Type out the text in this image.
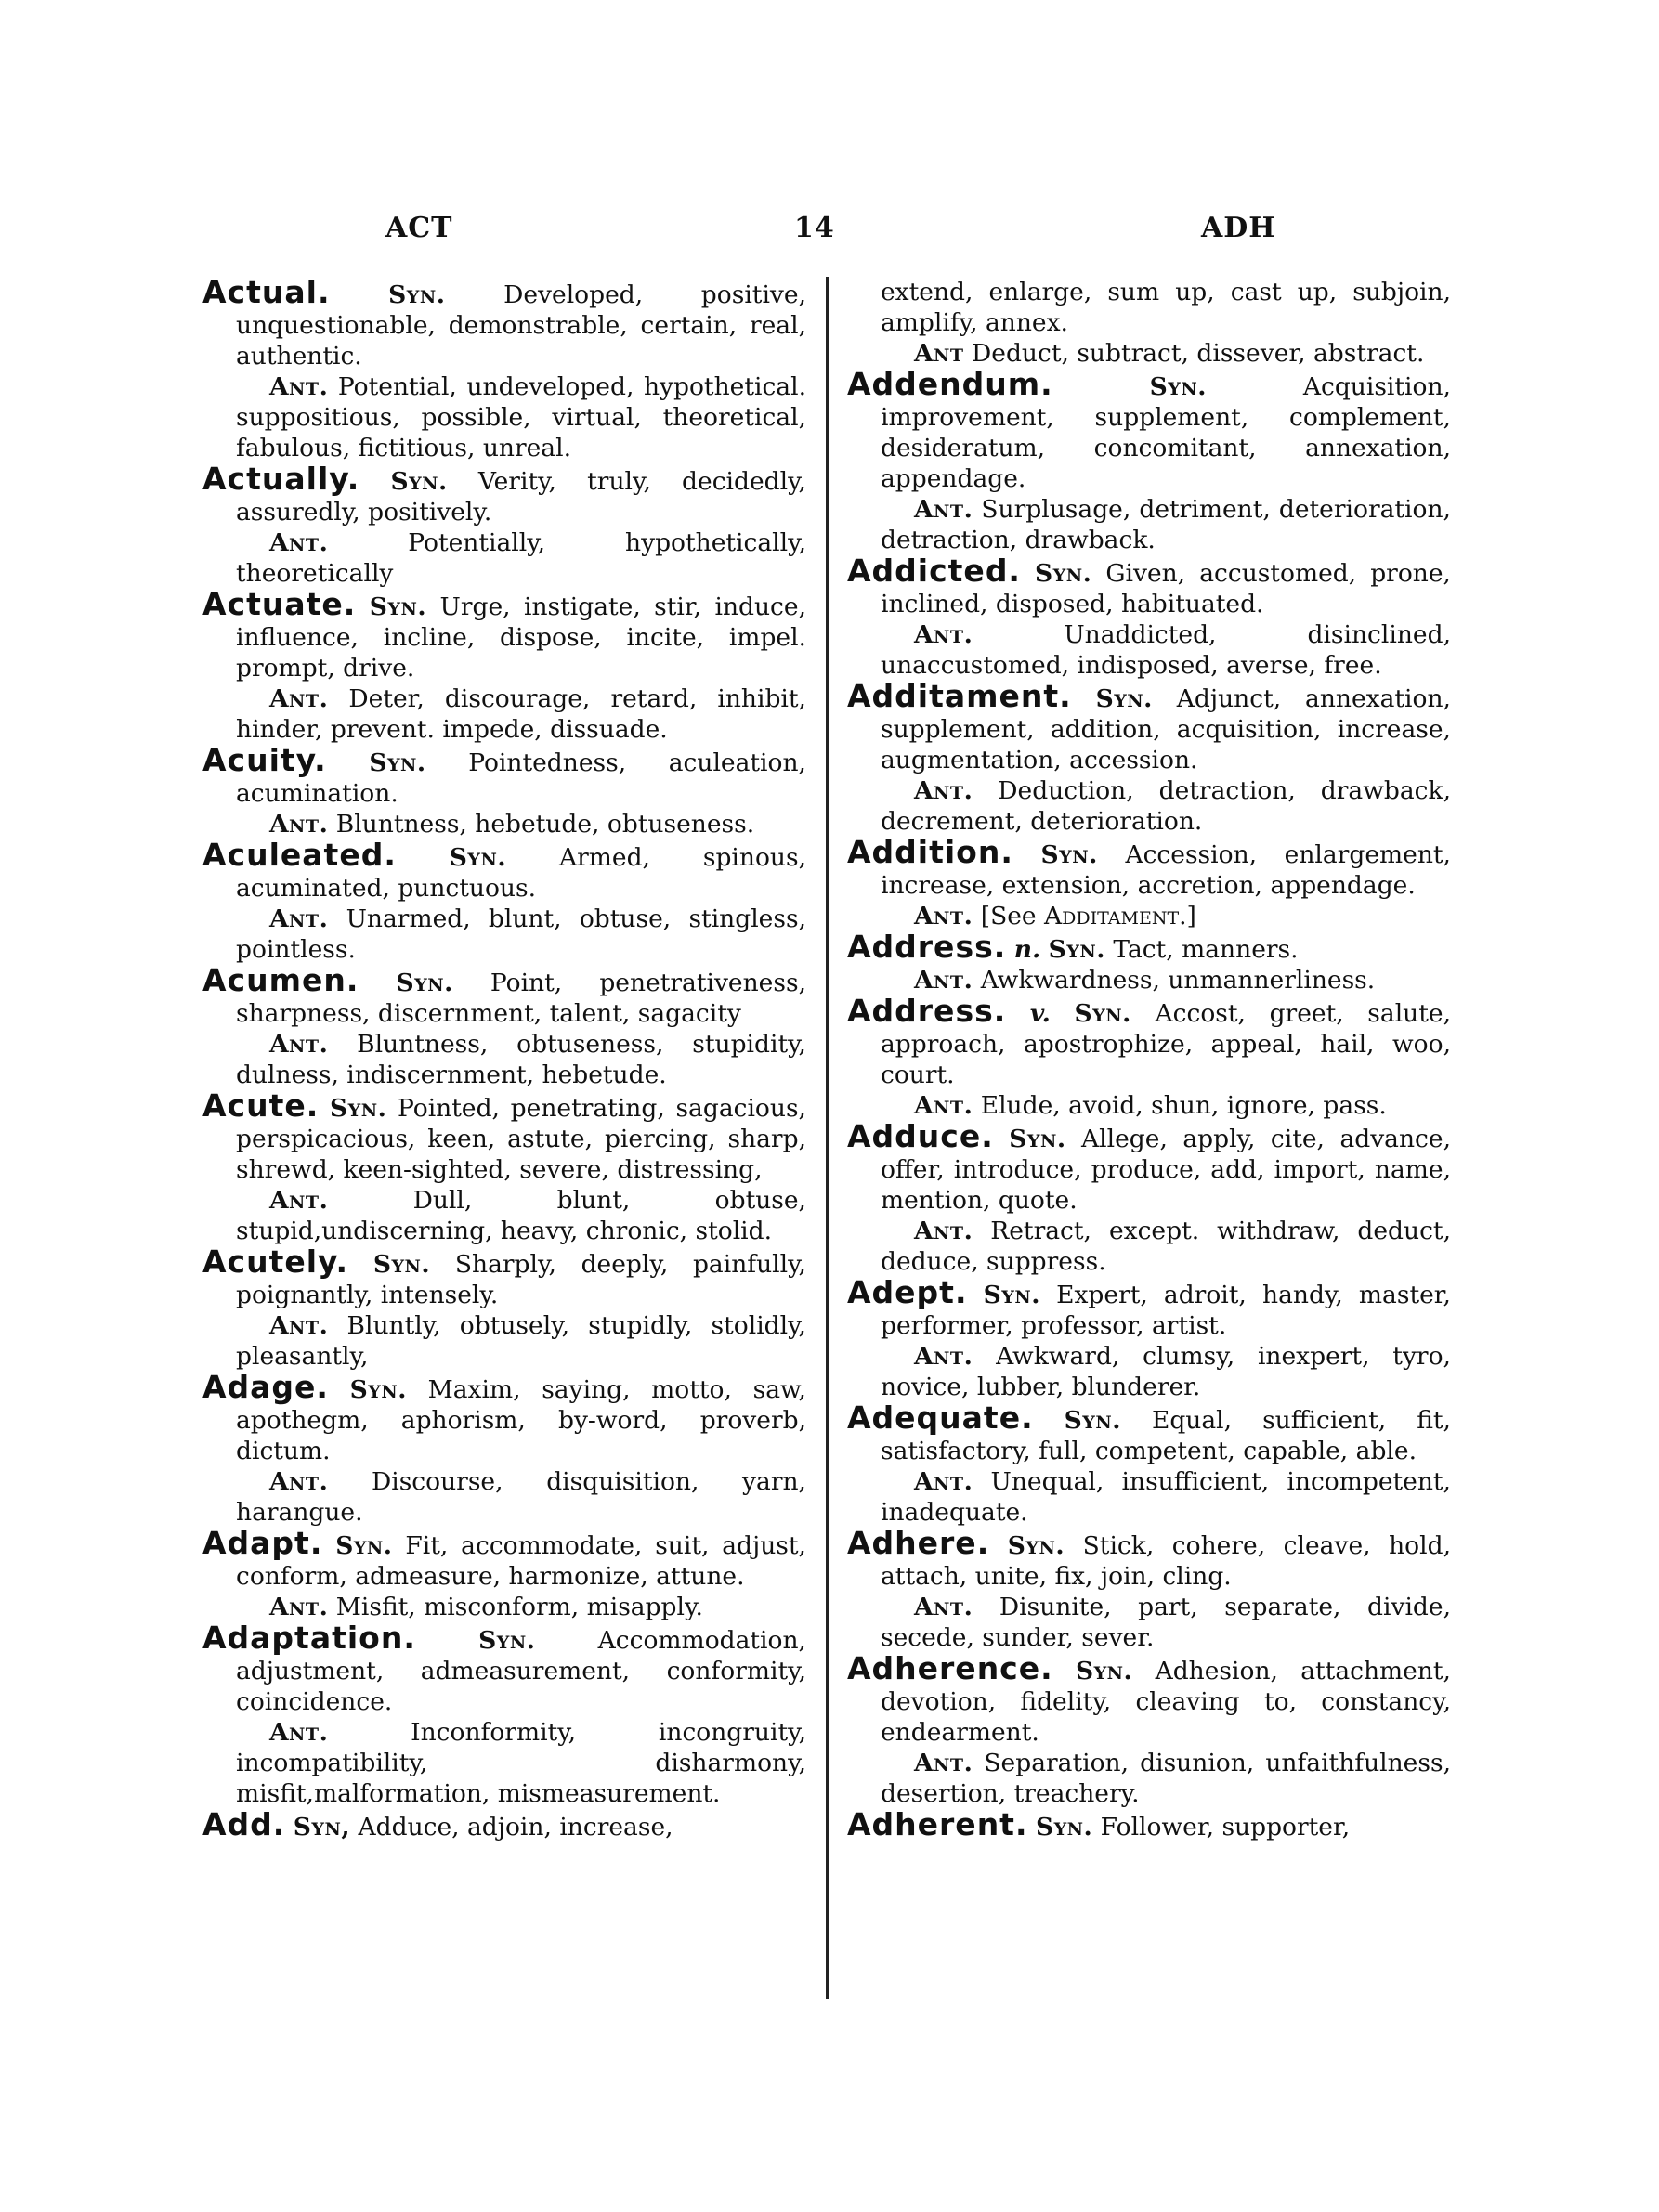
ACT	14	ADH

Actual. Syn. Developed, positive, unquestionable, demonstrable, certain, real, authentic.

Ant. Potential, undeveloped, hypothetical. suppositious, possible, virtual, theoretical, fabulous, fictitious, unreal.

Actually. Syn. Verity, truly, decidedly, assuredly, positively.

Ant.	Potentially, hypothetically, theoretically

Actuate. Syn. Urge, instigate, stir, induce, influence, incline, dispose, incite, impel. prompt, drive.

Ant. Deter, discourage, retard, inhibit, hinder, prevent. impede, dissuade.

Acuity. Syn. Pointedness, aculeation, acumination.

Ant. Bluntness, hebetude, obtuseness.

Aculeated. Syn. Armed, spinous, acuminated, punctuous.

Ant. Unarmed, blunt, obtuse, stingless, pointless.

Acumen. Syn. Point, penetrativeness, sharpness, discernment, talent, sagacity

Ant. Bluntness, obtuseness, stupidity, dulness, indiscernment, hebetude.

Acute. Syn. Pointed, penetrating, sagacious, perspicacious, keen, astute, piercing, sharp, shrewd, keen-sighted, severe, distressing,

Ant.	Dull, blunt, obtuse, stupid,undiscerning, heavy, chronic, stolid.

Acutely. Syn. Sharply, deeply, painfully, poignantly, intensely.

Ant. Bluntly, obtusely, stupidly, stolidly, pleasantly,

Adage. Syn. Maxim, saying, motto, saw, apothegm, aphorism, by-word, proverb, dictum.

Ant. Discourse, disquisition, yarn, harangue.

Adapt. Syn. Fit, accommodate, suit, adjust, conform, admeasure, harmonize, attune.

Ant. Misfit, misconform, misapply.

Adaptation.	Syn.	Accommodation, adjustment, admeasurement, conformity, coincidence.

Ant.	Inconformity, incongruity, incompatibility, disharmony, misfit,malformation, mismeasurement.

Add. Syn, Adduce, adjoin, increase,

extend, enlarge, sum up, cast up, subjoin, amplify, annex.

Ant Deduct, subtract, dissever, abstract.

Addendum.	Syn.	Acquisition, improvement, supplement, complement, desideratum, concomitant, annexation, appendage.

Ant. Surplusage, detriment, deterioration, detraction, drawback.

Addicted. Syn. Given, accustomed, prone, inclined, disposed, habituated.

Ant.	Unaddicted, disinclined, unaccustomed, indisposed, averse, free.

Additament. Syn. Adjunct, annexation, supplement, addition, acquisition, increase, augmentation, accession.

Ant. Deduction, detraction, drawback, decrement, deterioration.

Addition. Syn. Accession, enlargement, increase, extension, accretion, appendage.

Ant. [See Additament.]

Address. n. Syn. Tact, manners.

Ant. Awkwardness, unmannerliness.

Address. v. Syn. Accost, greet, salute, approach, apostrophize, appeal, hail, woo, court.

Ant. Elude, avoid, shun, ignore, pass.

Adduce. Syn. Allege, apply, cite, advance, offer, introduce, produce, add, import, name, mention, quote.

Ant. Retract, except. withdraw, deduct, deduce, suppress.

Adept. Syn. Expert, adroit, handy, master, performer, professor, artist.

Ant. Awkward, clumsy, inexpert, tyro, novice, lubber, blunderer.

Adequate. Syn. Equal, sufficient, fit, satisfactory, full, competent, capable, able.

Ant. Unequal, insufficient, incompetent, inadequate.

Adhere. Syn. Stick, cohere, cleave, hold, attach, unite, fix, join, cling.

Ant. Disunite, part, separate, divide, secede, sunder, sever.

Adherence. Syn. Adhesion, attachment, devotion, fidelity, cleaving to, constancy, endearment.

Ant. Separation, disunion, unfaithfulness, desertion, treachery.

Adherent. Syn. Follower, supporter,
